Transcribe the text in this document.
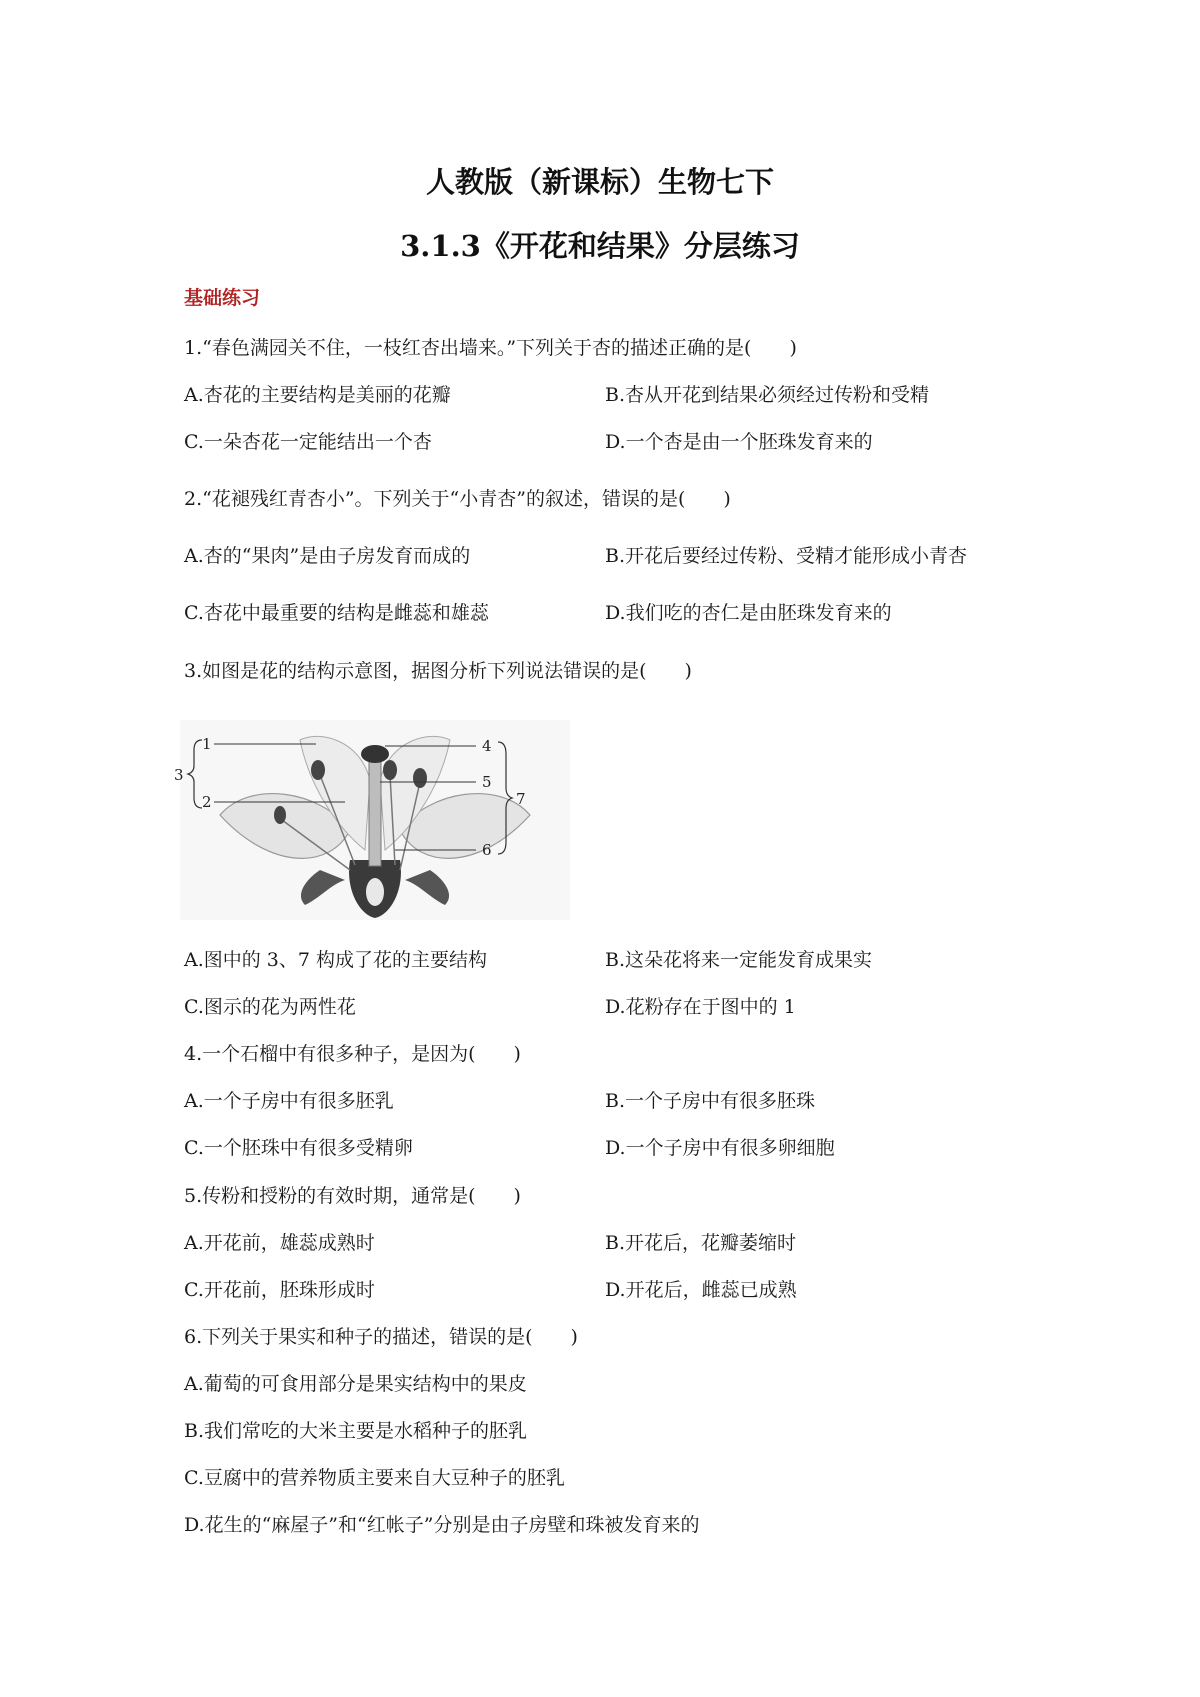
人教版（新课标）生物七下
3.1.3《开花和结果》分层练习
基础练习
1.“春色满园关不住，一枝红杏出墙来。”下列关于杏的描述正确的是(　　)
A.杏花的主要结构是美丽的花瓣	B.杏从开花到结果必须经过传粉和受精
C.一朵杏花一定能结出一个杏	D.一个杏是由一个胚珠发育来的
2.“花褪残红青杏小”。下列关于“小青杏”的叙述，错误的是(　　)
A.杏的“果肉”是由子房发育而成的	B.开花后要经过传粉、受精才能形成小青杏
C.杏花中最重要的结构是雌蕊和雄蕊	D.我们吃的杏仁是由胚珠发育来的
3.如图是花的结构示意图，据图分析下列说法错误的是(　　)
1
2
3
4
5
6
7
A.图中的 3、7 构成了花的主要结构	B.这朵花将来一定能发育成果实
C.图示的花为两性花	D.花粉存在于图中的 1
4.一个石榴中有很多种子，是因为(　　)
A.一个子房中有很多胚乳	B.一个子房中有很多胚珠
C.一个胚珠中有很多受精卵	D.一个子房中有很多卵细胞
5.传粉和授粉的有效时期，通常是(　　)
A.开花前，雄蕊成熟时	B.开花后，花瓣萎缩时
C.开花前，胚珠形成时	D.开花后，雌蕊已成熟
6.下列关于果实和种子的描述，错误的是(　　)
A.葡萄的可食用部分是果实结构中的果皮
B.我们常吃的大米主要是水稻种子的胚乳
C.豆腐中的营养物质主要来自大豆种子的胚乳
D.花生的“麻屋子”和“红帐子”分别是由子房壁和珠被发育来的
